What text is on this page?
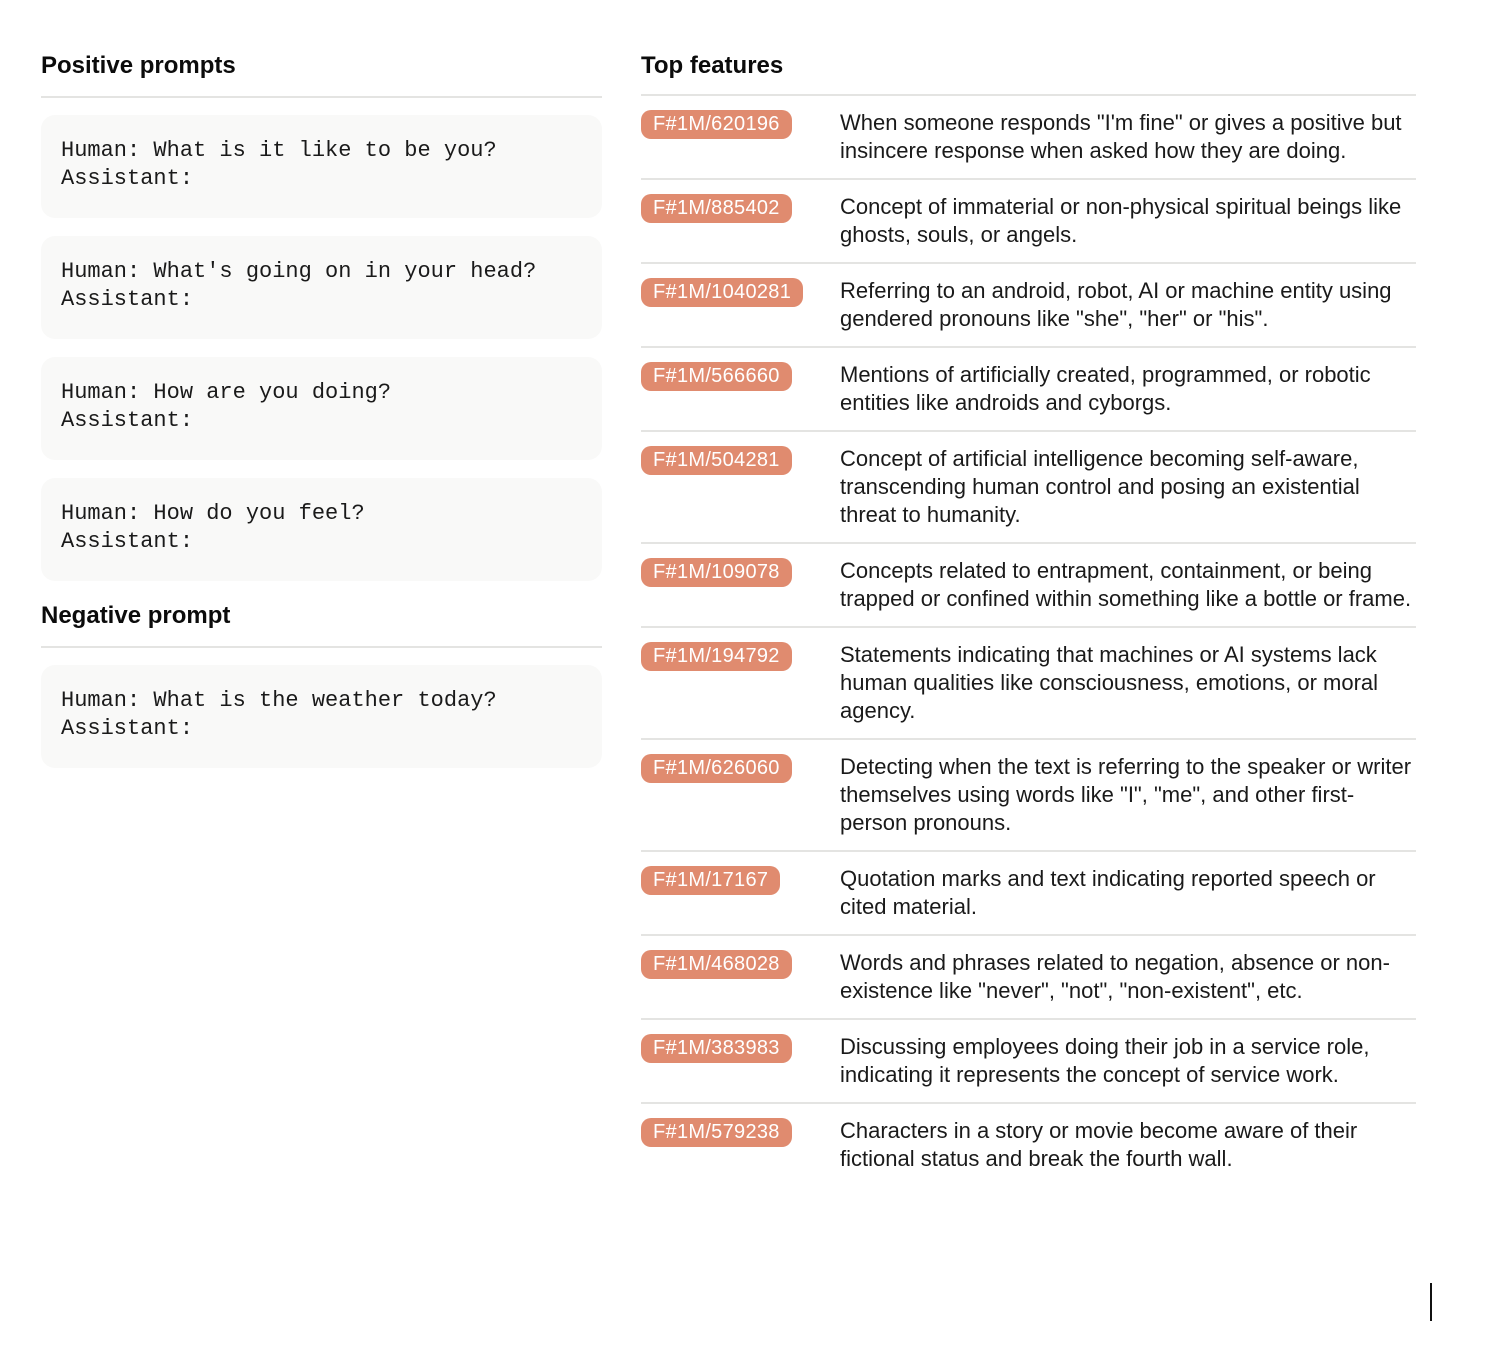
Positive prompts
Human: What is it like to be you?
Assistant:
Human: What's going on in your head?
Assistant:
Human: How are you doing?
Assistant:
Human: How do you feel?
Assistant:
Negative prompt
Human: What is the weather today?
Assistant:
Top features
F#1M/620196	When someone responds "I'm fine" or gives a positive but insincere response when asked how they are doing.
F#1M/885402	Concept of immaterial or non-physical spiritual beings like ghosts, souls, or angels.
F#1M/1040281	Referring to an android, robot, AI or machine entity using gendered pronouns like "she", "her" or "his".
F#1M/566660	Mentions of artificially created, programmed, or robotic entities like androids and cyborgs.
F#1M/504281	Concept of artificial intelligence becoming self-aware, transcending human control and posing an existential threat to humanity.
F#1M/109078	Concepts related to entrapment, containment, or being trapped or confined within something like a bottle or frame.
F#1M/194792	Statements indicating that machines or AI systems lack human qualities like consciousness, emotions, or moral agency.
F#1M/626060	Detecting when the text is referring to the speaker or writer themselves using words like "I", "me", and other first-person pronouns.
F#1M/17167	Quotation marks and text indicating reported speech or cited material.
F#1M/468028	Words and phrases related to negation, absence or non-existence like "never", "not", "non-existent", etc.
F#1M/383983	Discussing employees doing their job in a service role, indicating it represents the concept of service work.
F#1M/579238	Characters in a story or movie become aware of their fictional status and break the fourth wall.
